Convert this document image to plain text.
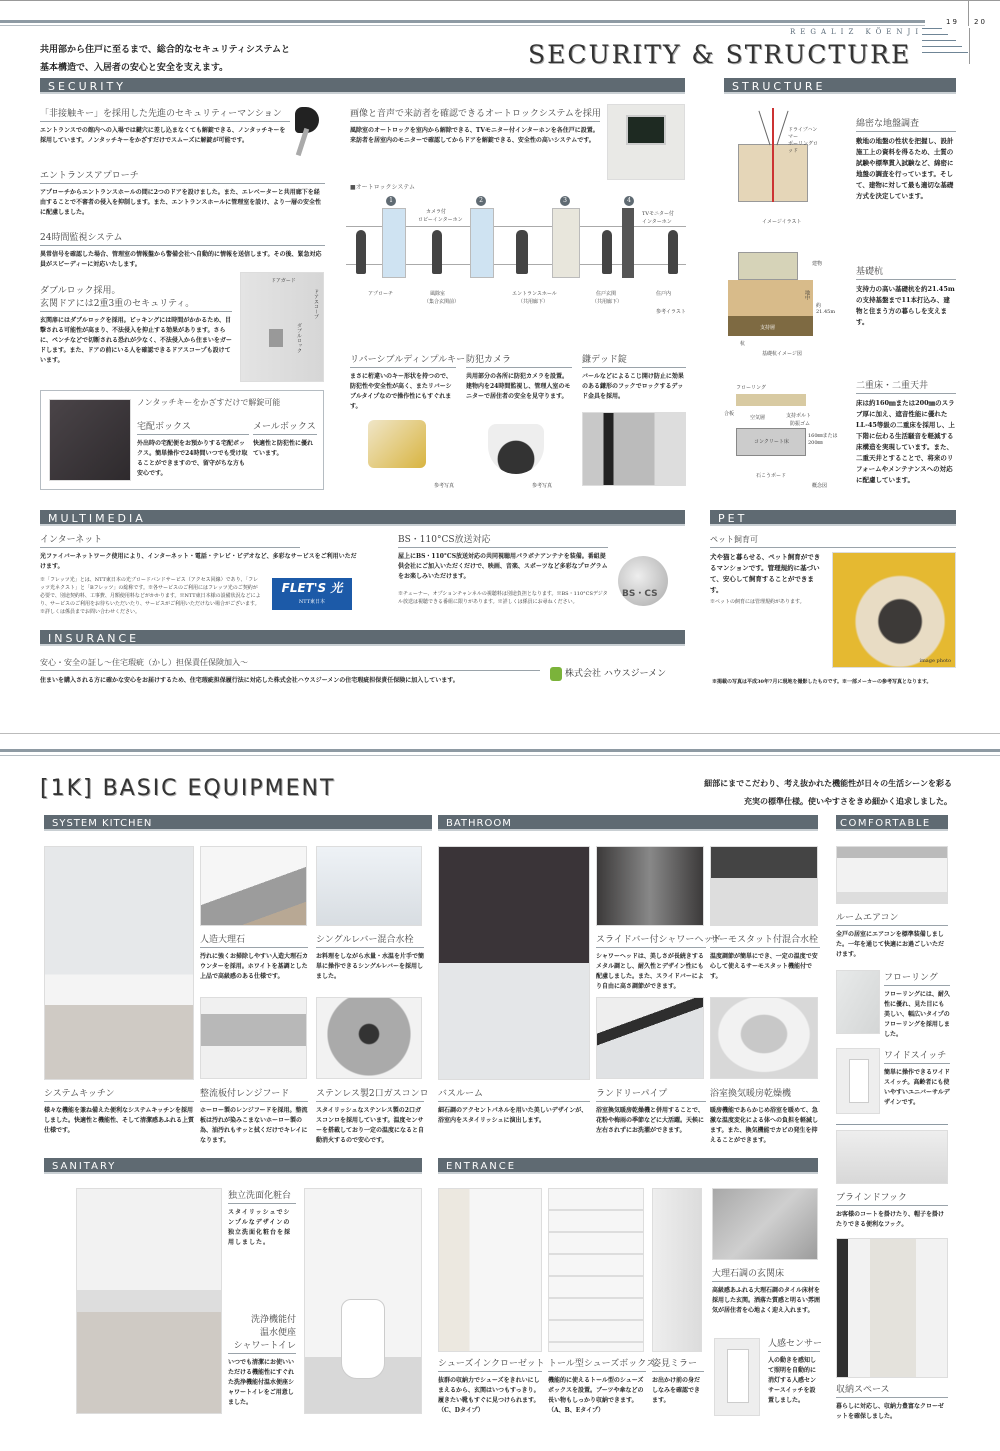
19 20
REGALIZ KÖENJI
SECURITY & STRUCTURE
共用部から住戸に至るまで、総合的なセキュリティシステムと
基本構造で、入居者の安心と安全を支えます。
SECURITY
「非接触キー」を採用した先進のセキュリティーマンション
エントランスでの館内への入場では鍵穴に差し込まなくても解錠できる、ノンタッチキーを採用しています。ノンタッチキーをかざすだけでスムーズに解錠が可能です。
エントランスアプローチ
アプローチからエントランスホールの間に2つのドアを設けました。また、エレベーターと共用廊下を経由することで不審者の侵入を抑制します。また、エントランスホールに管理室を設け、より一層の安全性に配慮しました。
24時間監視システム
異常信号を確認した場合、管理室の情報盤から警備会社へ自動的に情報を送信します。その後、緊急対応員がスピーディーに対応いたします。
ダブルロック採用。
玄関ドアには2重3重のセキュリティ。
玄関扉にはダブルロックを採用。ピッキングには時間がかかるため、目撃される可能性が高まり、不法侵入を抑止する効果があります。さらに、ペンチなどで切断される恐れが少なく、不法侵入から住まいをガードします。また、ドアの前にいる人を確認できるドアスコープも設けています。
ドアガード
ドアスコープ
ダブルロック
ノンタッチキーをかざすだけで解錠可能
宅配ボックス
外出時の宅配便をお預かりする宅配ボックス。簡単操作で24時間いつでも受け取ることができますので、留守がちな方も安心です。
メールボックス
快適性と防犯性に優れています。
画像と音声で来訪者を確認できるオートロックシステムを採用
風除室のオートロックを室内から解除できる、TVモニター付インターホンを各住戸に設置。来訪者を居室内のモニターで確認してからドアを解錠できる、安全性の高いシステムです。
■オートロックシステム
1	2	3	4
カメラ付
ロビーインターホン
TVモニター付
インターホン
アプローチ	風除室
（集合玄関前）
エントランスホール
（共用廊下）
住戸玄関
（共用廊下）
住戸内
参考イラスト
リバーシブルディンプルキー
まさに桁違いのキー形状を持つので、防犯性や安全性が高く、またリバーシブルタイプなので操作性にもすぐれます。
参考写真
防犯カメラ
共用部分の各所に防犯カメラを設置。建物内を24時間監視し、管理人室のモニターで居住者の安全を見守ります。
参考写真
鎌デッド錠
バールなどによるこじ開け防止に効果のある鎌形のフックでロックするデッド金具を採用。
STRUCTURE
ドライブハンマー
ボーリングロッド
イメージイラスト
綿密な地盤調査
敷地の地盤の性状を把握し、設計施工上の資料を得るため、土質の試験や標準貫入試験など、綿密に地盤の調査を行っています。そして、建物に対して最も適切な基礎方式を決定しています。
建物
地中
約21.45m
支持層
杭
基礎杭イメージ図
基礎杭
支持力の高い基礎杭を約21.45mの支持基盤まで11本打込み、建物と住まう方の暮らしを支えます。
フローリング
合板
空気層	支持ボルト
防振ゴム
コンクリート床
160㎜または200㎜
石こうボード
概念図
二重床・二重天井
床は約160㎜または200㎜のスラブ厚に加え、遮音性能に優れたLL-45等級の二重床を採用し、上下階に伝わる生活騒音を軽減する床構造を実現しています。また、二重天井とすることで、将来のリフォームやメンテナンスへの対応に配慮しています。
MULTIMEDIA
インターネット
光ファイバーネットワーク使用により、インターネット・電話・テレビ・ビデオなど、多彩なサービスをご利用いただけます。
※「フレッツ光」とは、NTT東日本の光ブロードバンドサービス（アクセス回線）であり、「フレッツ光ネクスト」と「Bフレッツ」の総称です。※各サービスのご利用にはフレッツ光のご契約が必要で、別途契約料、工事費、月額使用料などがかかります。※NTT東日本様の設備状況などにより、サービスのご利用をお待ちいただいたり、サービスがご利用いただけない場合がございます。※詳しくは係員までお問い合わせください。
FLET'S 光
NTT東日本
BS・110°CS放送対応
屋上にBS・110°CS放送対応の共同視聴用パラボナアンテナを装備。番組提供会社にご加入いただくだけで、映画、音楽、スポーツなど多彩なプログラムをお楽しみいただけます。
※チューナー、オプションチャンネルの視聴料は別途負担となります。※BS・110°CSデジタル放送は視聴できる番組に限りがあります。※詳しくは係員にお尋ねください。
BS・CS
INSURANCE
安心・安全の証し〜住宅瑕疵（かし）担保責任保険加入〜
住まいを購入される方に確かな安心をお届けするため、住宅瑕疵担保履行法に対応した株式会社ハウスジーメンの住宅瑕疵担保責任保険に加入しています。
株式会社 ハウスジーメン
PET
ペット飼育可
犬や猫と暮らせる、ペット飼育ができるマンションです。管理規約に基づいて、安心して飼育することができます。
※ペットの飼育には管理規約があります。
image photo
※掲載の写真は平成30年7月に現地を撮影したものです。※一部メーカーの参考写真となります。
[1K] BASIC EQUIPMENT	細部にまでこだわり、考え抜かれた機能性が日々の生活シーンを彩る
充実の標準仕様。使いやすさをきめ細かく追求しました。
SYSTEM KITCHEN
人造大理石
汚れに強くお掃除しやすい人造大理石カウンターを採用。ホワイトを基調とした上品で高級感のある仕様です。
シングルレバー混合水栓
お料理をしながら水量・水温を片手で簡単に操作できるシングルレバーを採用しました。
システムキッチン
様々な機能を兼ね備えた便利なシステムキッチンを採用しました。快適性と機能性、そして清潔感あふれる上質仕様です。
整流板付レンジフード
ホーロー製のレンジフードを採用。整流板は汚れが染みこまないホーロー製の為、油汚れもサッと拭くだけでキレイになります。
ステンレス製2口ガスコンロ
スタイリッシュなステンレス製の2口ガスコンロを採用しています。温度センサーを搭載しており一定の温度になると自動消火するので安心です。
BATHROOM
スライドバー付シャワーヘッド
シャワーヘッドは、美しさが長続きするメタル調とし、耐久性とデザイン性にも配慮しました。また、スライドバーにより自由に高さ調節ができます。
サーモスタット付混合水栓
温度調節が簡単にでき、一定の温度で安心して使えるサーモスタット機能付です。
バスルーム
細石調のアクセントパネルを用いた美しいデザインが、浴室内をスタイリッシュに演出します。
ランドリーパイプ
浴室換気暖房乾燥機と併用することで、花粉や梅雨の季節などに大活躍。天候に左右されずにお洗濯ができます。
浴室換気暖房乾燥機
暖房機能であらかじめ浴室を暖めて、急激な温度変化による体への負担を軽減します。また、換気機能でカビの発生を抑えることができます。
COMFORTABLE
ルームエアコン
全戸の居室にエアコンを標準装備しました。一年を通じて快適にお過ごしいただけます。
フローリング
フローリングには、耐久性に優れ、見た目にも美しい、幅広いタイプのフローリングを採用しました。
ワイドスイッチ
簡単に操作できるワイドスイッチ。高齢者にも使いやすいユニバーサルデザインです。
ブラインドフック
お客様のコートを掛けたり、帽子を掛けたりできる便利なフック。
収納スペース
暮らしに対応し、収納力豊富なクローゼットを確保しました。
SANITARY
独立洗面化粧台
スタイリッシュでシンプルなデザインの独立洗面化粧台を採用しました。
洗浄機能付
温水便座
シャワートイレ
いつでも清潔にお使いいただける機能性にすぐれた洗浄機能付温水便座シャワートイレをご用意しました。
ENTRANCE
大理石調の玄関床
高級感あふれる大理石調のタイル床材を採用した玄関。洒落た質感と明るい雰囲気が居住者を心地よく迎え入れます。
人感センサー
人の動きを感知して照明を自動的に消灯する人感センサースイッチを設置しました。
シューズインクローゼット
抜群の収納力でシューズをきれいにしまえるから、玄関はいつもすっきり。履きたい靴もすぐに見つけられます。（C、Dタイプ）
トール型シューズボックス
機能的に使えるトール型のシューズボックスを設置。ブーツや傘などの長い物もしっかり収納できます。（A、B、Eタイプ）
姿見ミラー
お出かけ前の身だしなみを確認できます。
